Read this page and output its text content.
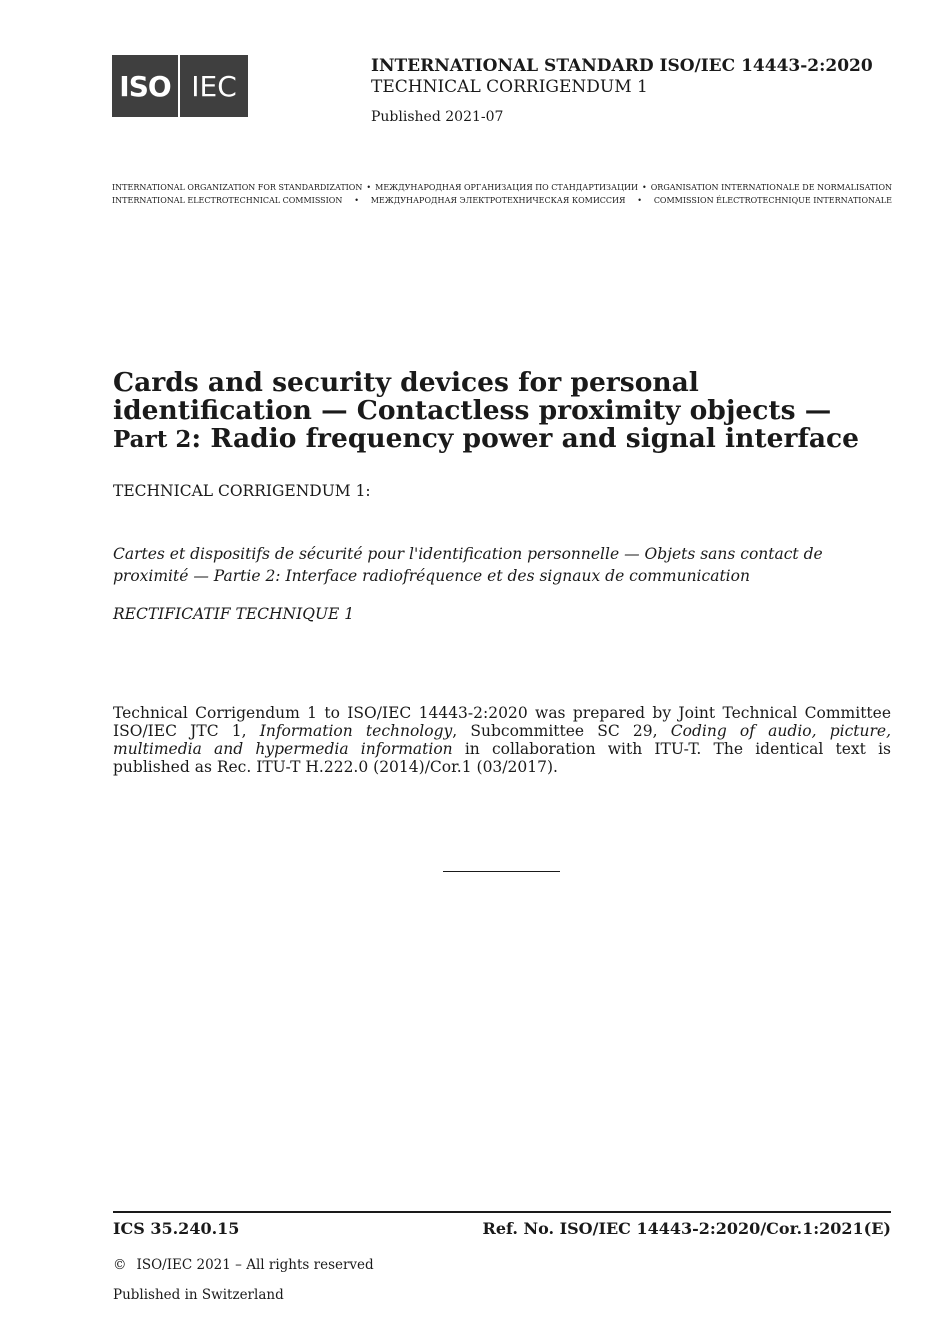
ISO IEC
INTERNATIONAL STANDARD ISO/IEC 14443-2:2020
TECHNICAL CORRIGENDUM 1
Published 2021-07
INTERNATIONAL ORGANIZATION FOR STANDARDIZATION • МЕЖДУНАРОДНАЯ ОРГАНИЗАЦИЯ ПО СТАНДАРТИЗАЦИИ • ORGANISATION INTERNATIONALE DE NORMALISATION
INTERNATIONAL ELECTROTECHNICAL COMMISSION • МЕЖДУНАРОДНАЯ ЭЛЕКТРОТЕХНИЧЕСКАЯ КОМИССИЯ • COMMISSION ÉLECTROTECHNIQUE INTERNATIONALE
Cards and security devices for personal identification — Contactless proximity objects — Part 2: Radio frequency power and signal interface
TECHNICAL CORRIGENDUM 1:
Cartes et dispositifs de sécurité pour l'identification personnelle — Objets sans contact de proximité — Partie 2: Interface radiofréquence et des signaux de communication
RECTIFICATIF TECHNIQUE 1
Technical Corrigendum 1 to ISO/IEC 14443-2:2020 was prepared by Joint Technical Committee ISO/IEC JTC 1, Information technology, Subcommittee SC 29, Coding of audio, picture, multimedia and hypermedia information in collaboration with ITU-T. The identical text is published as Rec. ITU-T H.222.0 (2014)/Cor.1 (03/2017).
ICS 35.240.15	Ref. No. ISO/IEC 14443-2:2020/Cor.1:2021(E)
© ISO/IEC 2021 – All rights reserved
Published in Switzerland
